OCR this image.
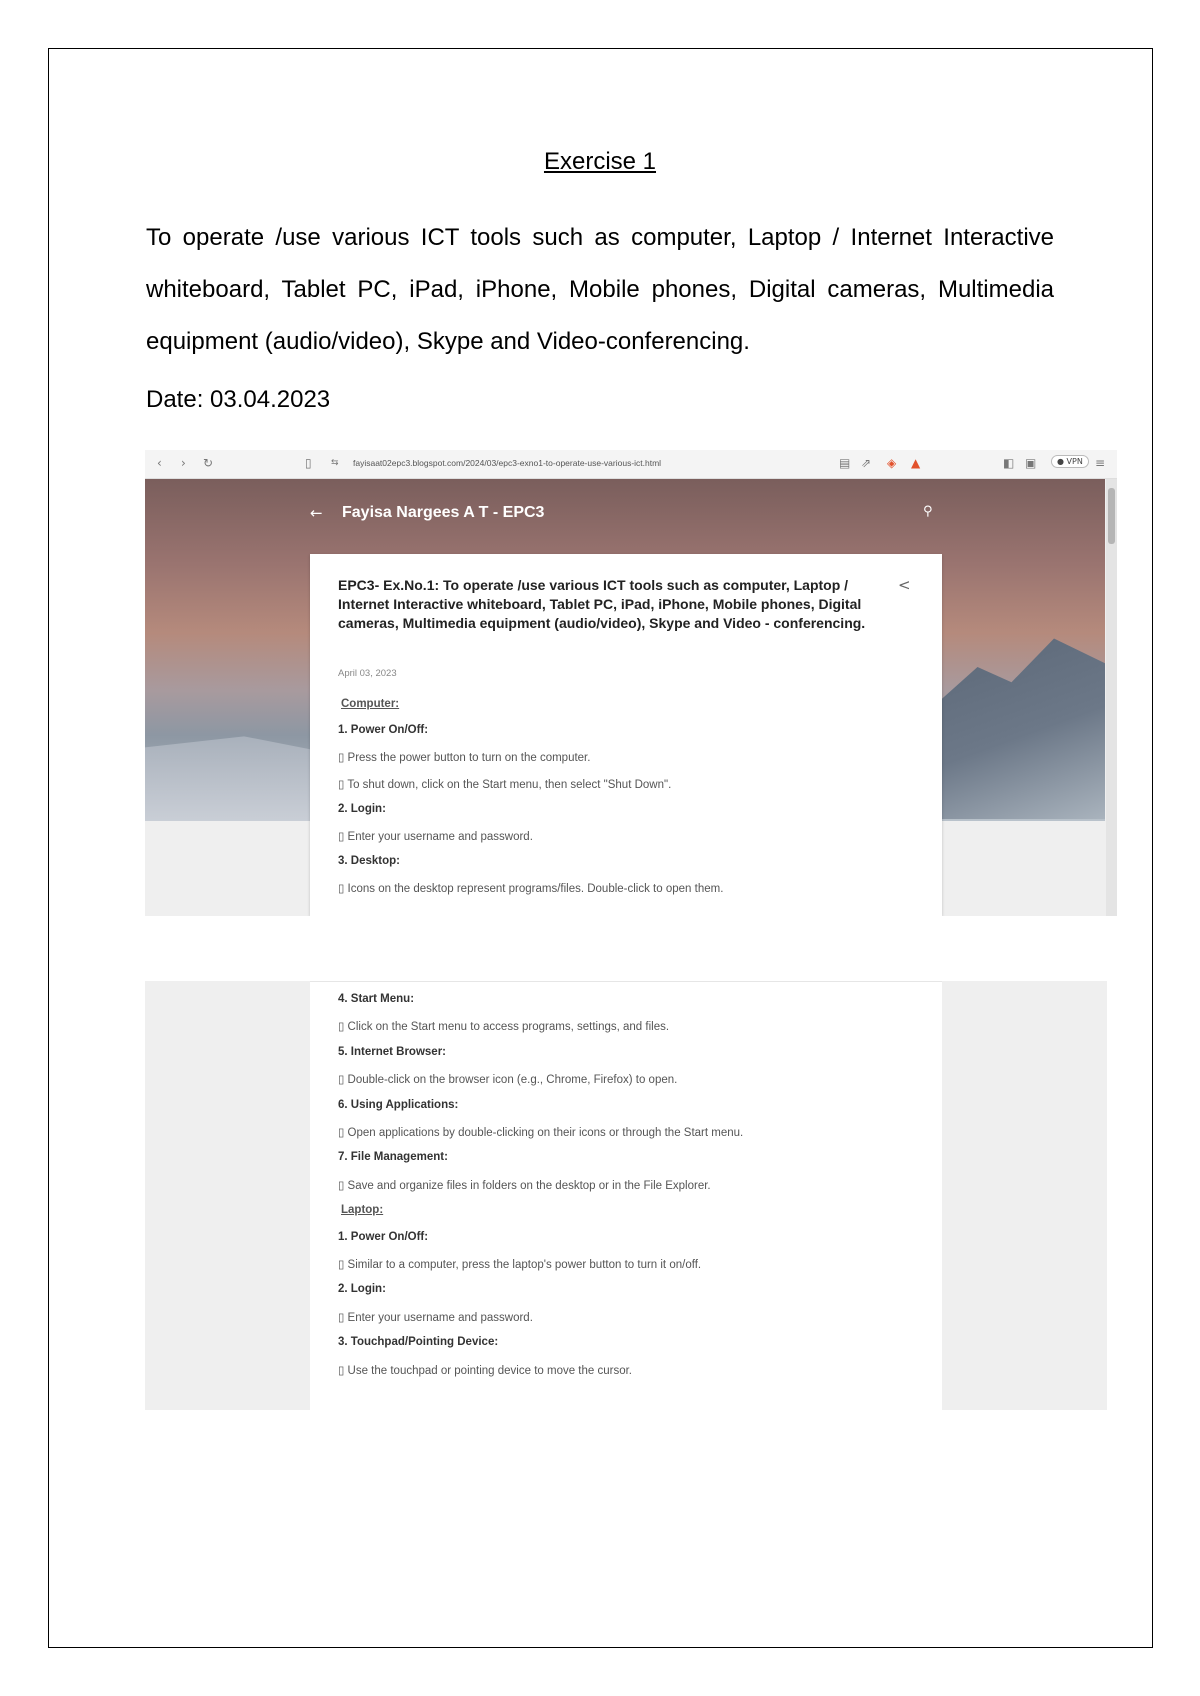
Exercise 1
To operate /use various ICT tools such as computer, Laptop / Internet Interactive whiteboard, Tablet PC, iPad, iPhone, Mobile phones, Digital cameras, Multimedia equipment (audio/video), Skype and Video-conferencing.
Date: 03.04.2023
‹ › ↻	▯ ⇆ fayisaat02epc3.blogspot.com/2024/03/epc3-exno1-to-operate-use-various-ict.html	▤ ⇗ ◈ ▲	◧ ▣	● VPN	≡
← Fayisa Nargees A T - EPC3	⚲
EPC3- Ex.No.1: To operate /use various ICT tools such as computer, Laptop / Internet Interactive whiteboard, Tablet PC, iPad, iPhone, Mobile phones, Digital cameras, Multimedia equipment (audio/video), Skype and Video - conferencing.
<
April 03, 2023
Computer:
1. Power On/Off:
▯ Press the power button to turn on the computer.
▯ To shut down, click on the Start menu, then select "Shut Down".
2. Login:
▯ Enter your username and password.
3. Desktop:
▯ Icons on the desktop represent programs/files. Double-click to open them.
4. Start Menu:
▯ Click on the Start menu to access programs, settings, and files.
5. Internet Browser:
▯ Double-click on the browser icon (e.g., Chrome, Firefox) to open.
6. Using Applications:
▯ Open applications by double-clicking on their icons or through the Start menu.
7. File Management:
▯ Save and organize files in folders on the desktop or in the File Explorer.
Laptop:
1. Power On/Off:
▯ Similar to a computer, press the laptop's power button to turn it on/off.
2. Login:
▯ Enter your username and password.
3. Touchpad/Pointing Device:
▯ Use the touchpad or pointing device to move the cursor.
